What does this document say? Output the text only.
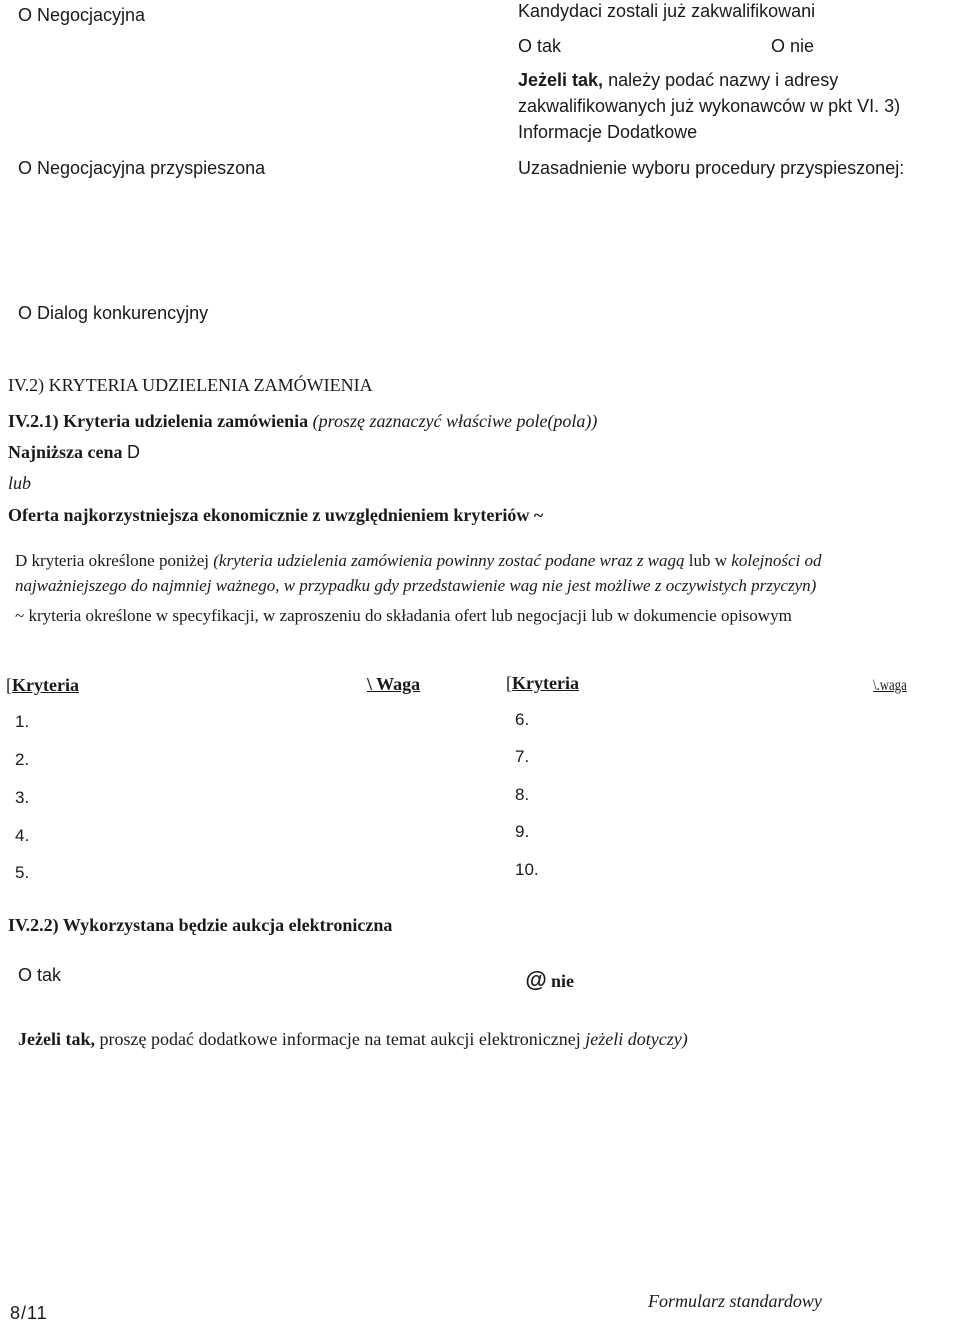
O Negocjacyjna	Kandydaci zostali już zakwalifikowani
O tak	O nie
Jeżeli tak, należy podać nazwy i adresy
zakwalifikowanych już wykonawców w pkt VI. 3)
Informacje Dodatkowe
O Negocjacyjna przyspieszona	Uzasadnienie wyboru procedury przyspieszonej:
O Dialog konkurencyjny
IV.2) KRYTERIA UDZIELENIA ZAMÓWIENIA
IV.2.1) Kryteria udzielenia zamówienia (proszę zaznaczyć właściwe pole(pola))
Najniższa cena D
lub
Oferta najkorzystniejsza ekonomicznie z uwzględnieniem kryteriów ~
D kryteria określone poniżej (kryteria udzielenia zamówienia powinny zostać podane wraz z wagą lub w kolejności od
najważniejszego do najmniej ważnego, w przypadku gdy przedstawienie wag nie jest możliwe z oczywistych przyczyn)
~ kryteria określone w specyfikacji, w zaproszeniu do składania ofert lub negocjacji lub w dokumencie opisowym
[Kryteria	\ Waga	[Kryteria	\.waga
1.
2.
3.
4.
5.
6.
7.
8.
9.
10.
IV.2.2) Wykorzystana będzie aukcja elektroniczna
O tak	@ nie
Jeżeli tak, proszę podać dodatkowe informacje na temat aukcji elektronicznej jeżeli dotyczy)
8/11
Formularz standardowy
